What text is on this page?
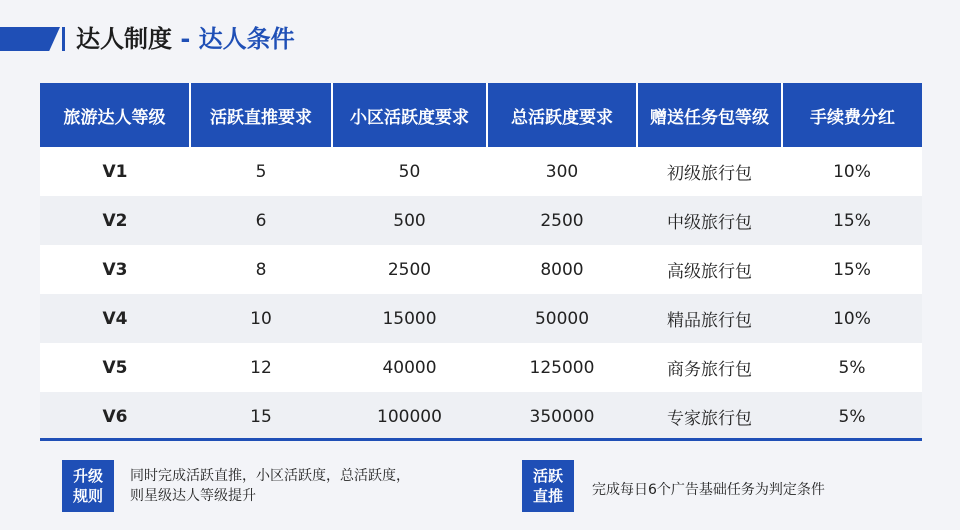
达人制度 - 达人条件
旅游达人等级	活跃直推要求	小区活跃度要求	总活跃度要求	赠送任务包等级	手续费分红
V1	5	50	300	初级旅行包	10%
V2	6	500	2500	中级旅行包	15%
V3	8	2500	8000	高级旅行包	15%
V4	10	15000	50000	精品旅行包	10%
V5	12	40000	125000	商务旅行包	5%
V6	15	100000	350000	专家旅行包	5%
升级
规则
同时完成活跃直推，小区活跃度，总活跃度，
则星级达人等级提升
活跃
直推	完成每日6个广告基础任务为判定条件
